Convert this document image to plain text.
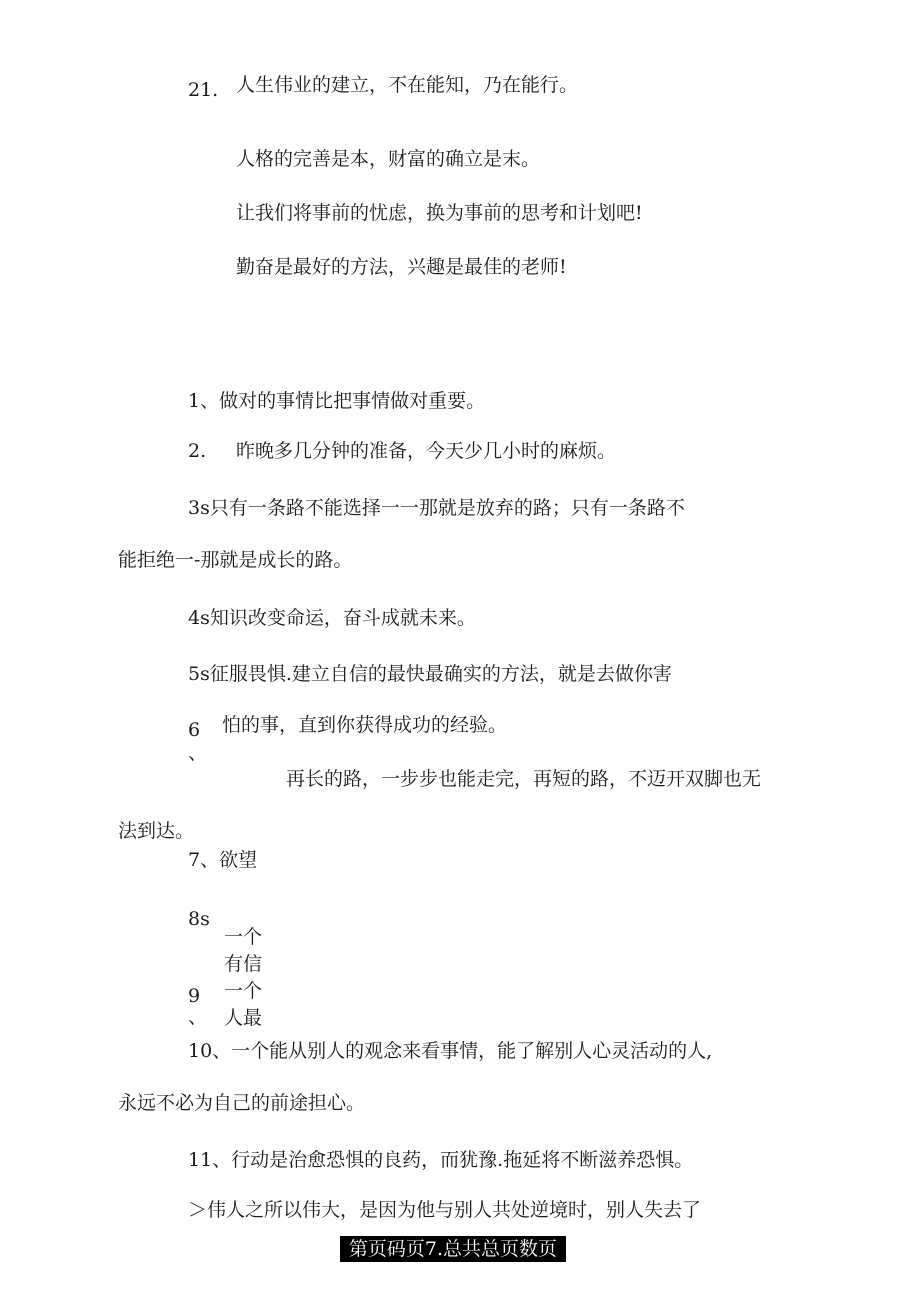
21. 人生伟业的建立，不在能知，乃在能行。
人格的完善是本，财富的确立是末。
让我们将事前的忧虑，换为事前的思考和计划吧!
勤奋是最好的方法，兴趣是最佳的老师!
1、做对的事情比把事情做对重要。
2. 昨晚多几分钟的准备，今天少几小时的麻烦。
3s只有一条路不能选择一一那就是放弃的路；只有一条路不
能拒绝一-那就是成长的路。
4s知识改变命运，奋斗成就未来。
5s征服畏惧.建立自信的最快最确实的方法，就是去做你害
6
、
怕的事，直到你获得成功的经验。
再长的路，一步步也能走完，再短的路，不迈开双脚也无
法到达。
7、欲望
8s
一个
有信
9 一个
、 人最
10、一个能从别人的观念来看事情，能了解别人心灵活动的人,
永远不必为自己的前途担心。
11、行动是治愈恐惧的良药，而犹豫.拖延将不断滋养恐惧。
＞伟人之所以伟大，是因为他与别人共处逆境时，别人失去了
第页码页7.总共总页数页
